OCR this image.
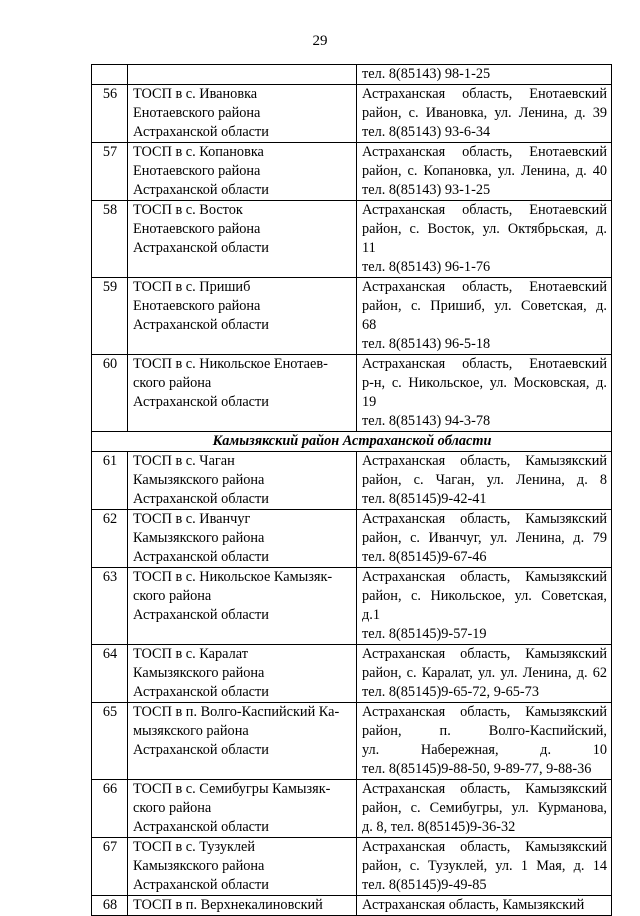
29

		тел. 8(85143) 98-1-25

56	ТОСП в с. Ивановка
Енотаевского района
Астраханской области	Астраханская область, Енотаевский
район, с. Ивановка, ул. Ленина, д. 39
тел. 8(85143) 93-6-34

57	ТОСП в с. Копановка
Енотаевского района
Астраханской области	Астраханская область, Енотаевский
район, с. Копановка, ул. Ленина, д. 40
тел. 8(85143) 93-1-25

58	ТОСП в с. Восток
Енотаевского района
Астраханской области	Астраханская область, Енотаевский
район, с. Восток, ул. Октябрьская, д.
11
тел. 8(85143) 96-1-76

59	ТОСП в с. Пришиб
Енотаевского района
Астраханской области	Астраханская область, Енотаевский
район, с. Пришиб, ул. Советская, д.
68
тел. 8(85143) 96-5-18

60	ТОСП в с. Никольское Енотаев-
ского района
Астраханской области	Астраханская область, Енотаевский
р-н, с. Никольское, ул. Московская, д.
19
тел. 8(85143) 94-3-78

Камызякский район Астраханской области		
61	ТОСП в с. Чаган
Камызякского района
Астраханской области	Астраханская область, Камызякский
район, с. Чаган, ул. Ленина, д. 8
тел. 8(85145)9-42-41

62	ТОСП в с. Иванчуг
Камызякского района
Астраханской области	Астраханская область, Камызякский
район, с. Иванчуг, ул. Ленина, д. 79
тел. 8(85145)9-67-46

63	ТОСП в с. Никольское Камызяк-
ского района
Астраханской области	Астраханская область, Камызякский
район, с. Никольское, ул. Советская,
д.1
тел. 8(85145)9-57-19

64	ТОСП в с. Каралат
Камызякского района
Астраханской области	Астраханская область, Камызякский
район, с. Каралат, ул. ул. Ленина, д. 62
тел. 8(85145)9-65-72, 9-65-73

65	ТОСП в п. Волго-Каспийский Ка-
мызякского района
Астраханской области	Астраханская область, Камызякский
район, п. Волго-Каспийский,
ул. Набережная, д. 10
тел. 8(85145)9-88-50, 9-89-77, 9-88-36

66	ТОСП в с. Семибугры Камызяк-
ского района
Астраханской области	Астраханская область, Камызякский
район, с. Семибугры, ул. Курманова,
д. 8, тел. 8(85145)9-36-32

67	ТОСП в с. Тузуклей
Камызякского района
Астраханской области	Астраханская область, Камызякский
район, с. Тузуклей, ул. 1 Мая, д. 14
тел. 8(85145)9-49-85

68	ТОСП в п. Верхнекалиновский	Астраханская область, Камызякский
